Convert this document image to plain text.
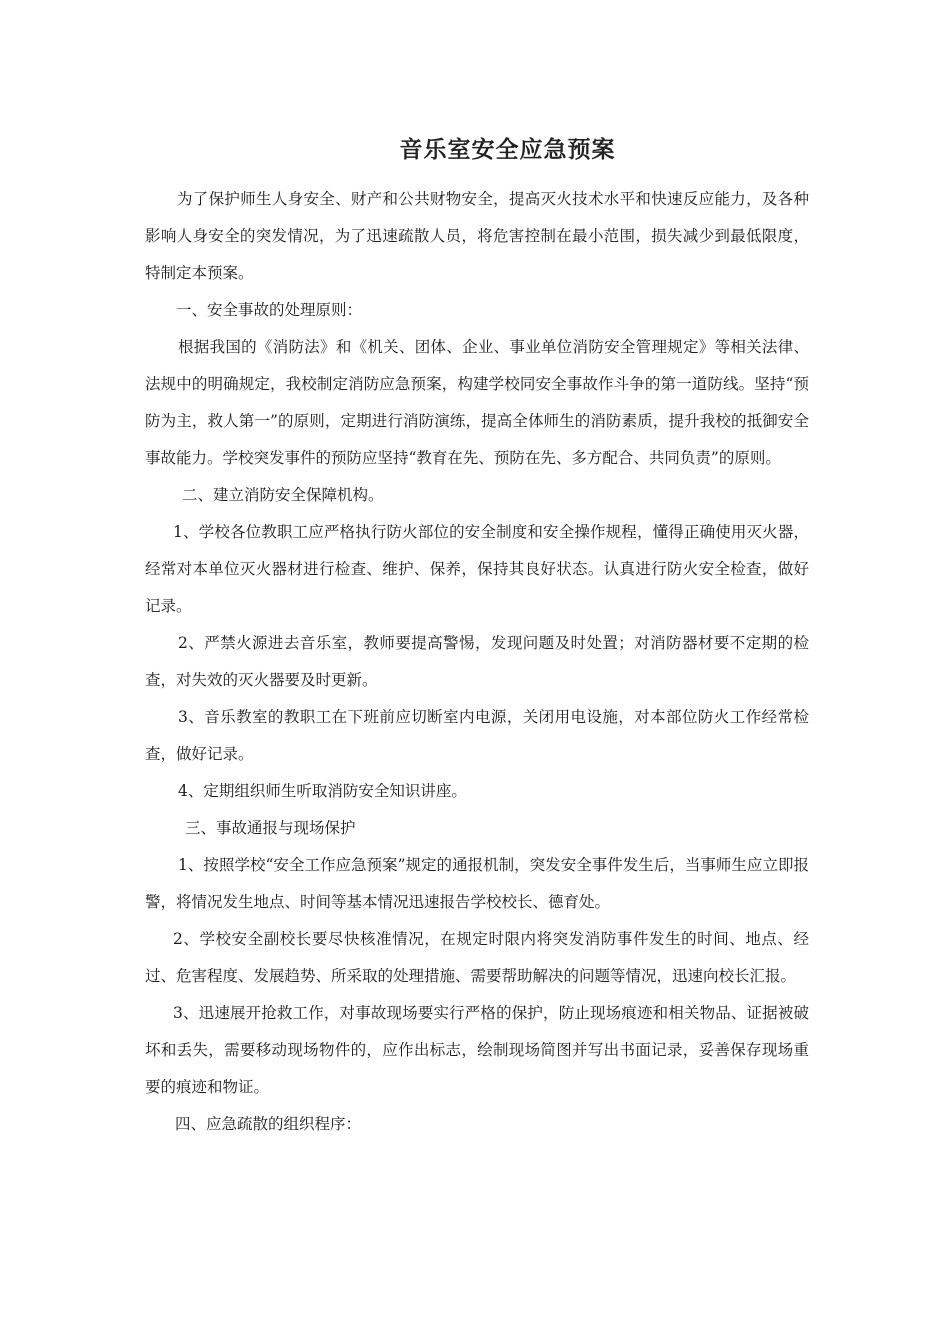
音乐室安全应急预案

为了保护师生人身安全、财产和公共财物安全，提高灭火技术水平和快速反应能力，及各种影响人身安全的突发情况，为了迅速疏散人员，将危害控制在最小范围，损失减少到最低限度，特制定本预案。

一、安全事故的处理原则：

根据我国的《消防法》和《机关、团体、企业、事业单位消防安全管理规定》等相关法律、法规中的明确规定，我校制定消防应急预案，构建学校同安全事故作斗争的第一道防线。坚持“预防为主，救人第一”的原则，定期进行消防演练，提高全体师生的消防素质，提升我校的抵御安全事故能力。学校突发事件的预防应坚持“教育在先、预防在先、多方配合、共同负责”的原则。

二、建立消防安全保障机构。

1、学校各位教职工应严格执行防火部位的安全制度和安全操作规程，懂得正确使用灭火器，经常对本单位灭火器材进行检查、维护、保养，保持其良好状态。认真进行防火安全检查，做好记录。

2、严禁火源进去音乐室，教师要提高警惕，发现问题及时处置；对消防器材要不定期的检查，对失效的灭火器要及时更新。

3、音乐教室的教职工在下班前应切断室内电源，关闭用电设施，对本部位防火工作经常检查，做好记录。

4、定期组织师生听取消防安全知识讲座。

三、事故通报与现场保护

1、按照学校“安全工作应急预案”规定的通报机制，突发安全事件发生后，当事师生应立即报警，将情况发生地点、时间等基本情况迅速报告学校校长、德育处。

2、学校安全副校长要尽快核准情况，在规定时限内将突发消防事件发生的时间、地点、经过、危害程度、发展趋势、所采取的处理措施、需要帮助解决的问题等情况，迅速向校长汇报。

3、迅速展开抢救工作，对事故现场要实行严格的保护，防止现场痕迹和相关物品、证据被破坏和丢失，需要移动现场物件的，应作出标志，绘制现场简图并写出书面记录，妥善保存现场重要的痕迹和物证。

四、应急疏散的组织程序：
